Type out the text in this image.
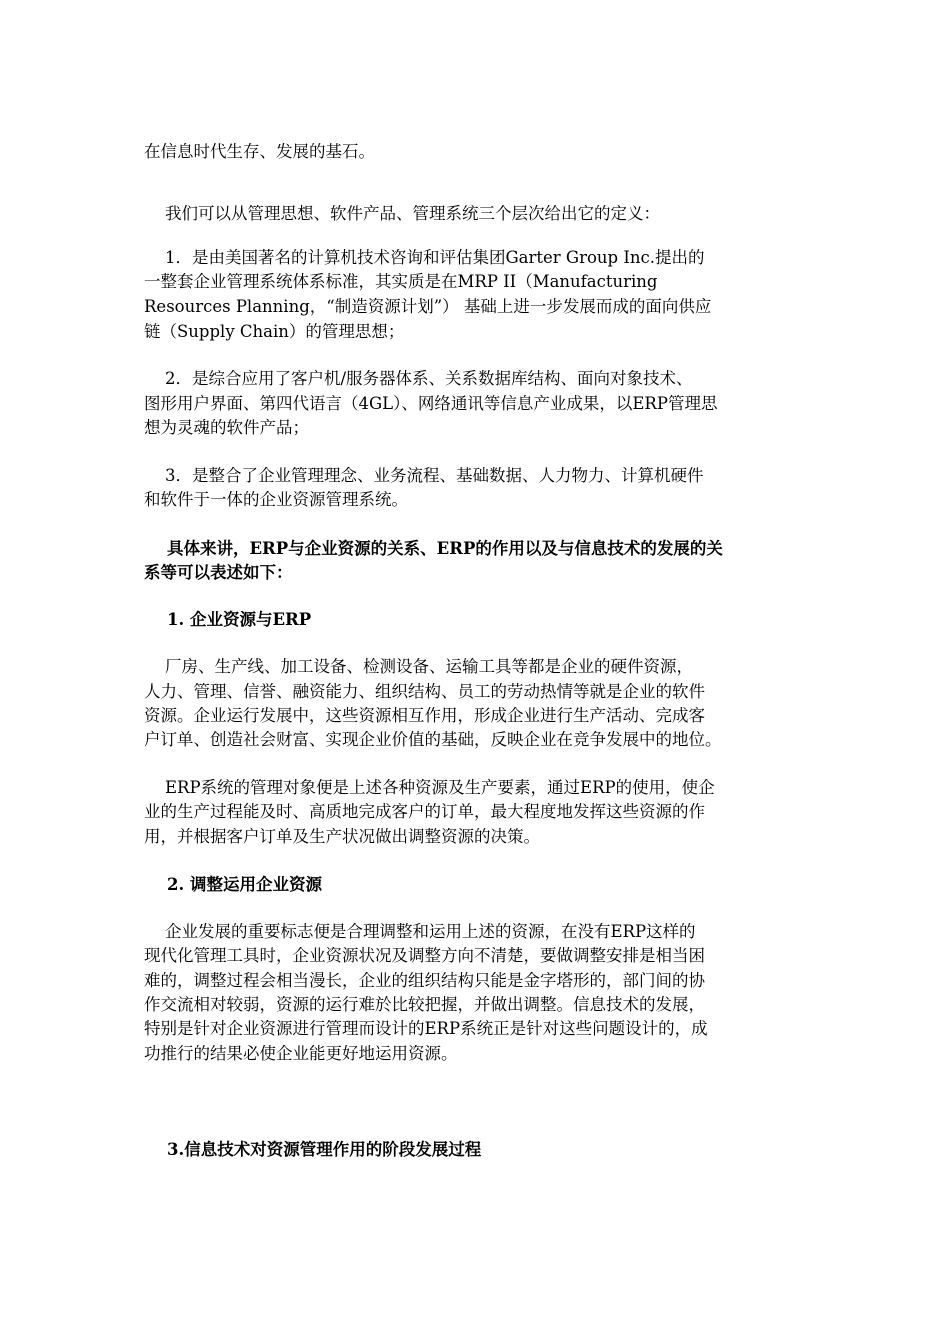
在信息时代生存、发展的基石。
我们可以从管理思想、软件产品、管理系统三个层次给出它的定义：
1．是由美国著名的计算机技术咨询和评估集团Garter Group Inc.提出的
一整套企业管理系统体系标准，其实质是在MRP II（Manufacturing
Resources Planning，“制造资源计划”） 基础上进一步发展而成的面向供应
链（Supply Chain）的管理思想；
2．是综合应用了客户机/服务器体系、关系数据库结构、面向对象技术、
图形用户界面、第四代语言（4GL）、网络通讯等信息产业成果，以ERP管理思
想为灵魂的软件产品；
3．是整合了企业管理理念、业务流程、基础数据、人力物力、计算机硬件
和软件于一体的企业资源管理系统。
具体来讲，ERP与企业资源的关系、ERP的作用以及与信息技术的发展的关
系等可以表述如下：
1. 企业资源与ERP
厂房、生产线、加工设备、检测设备、运输工具等都是企业的硬件资源，
人力、管理、信誉、融资能力、组织结构、员工的劳动热情等就是企业的软件
资源。企业运行发展中，这些资源相互作用，形成企业进行生产活动、完成客
户订单、创造社会财富、实现企业价值的基础，反映企业在竞争发展中的地位。
ERP系统的管理对象便是上述各种资源及生产要素，通过ERP的使用，使企
业的生产过程能及时、高质地完成客户的订单，最大程度地发挥这些资源的作
用，并根据客户订单及生产状况做出调整资源的决策。
2. 调整运用企业资源
企业发展的重要标志便是合理调整和运用上述的资源，在没有ERP这样的
现代化管理工具时，企业资源状况及调整方向不清楚，要做调整安排是相当困
难的，调整过程会相当漫长，企业的组织结构只能是金字塔形的，部门间的协
作交流相对较弱，资源的运行难於比较把握，并做出调整。信息技术的发展，
特别是针对企业资源进行管理而设计的ERP系统正是针对这些问题设计的，成
功推行的结果必使企业能更好地运用资源。
3.信息技术对资源管理作用的阶段发展过程
